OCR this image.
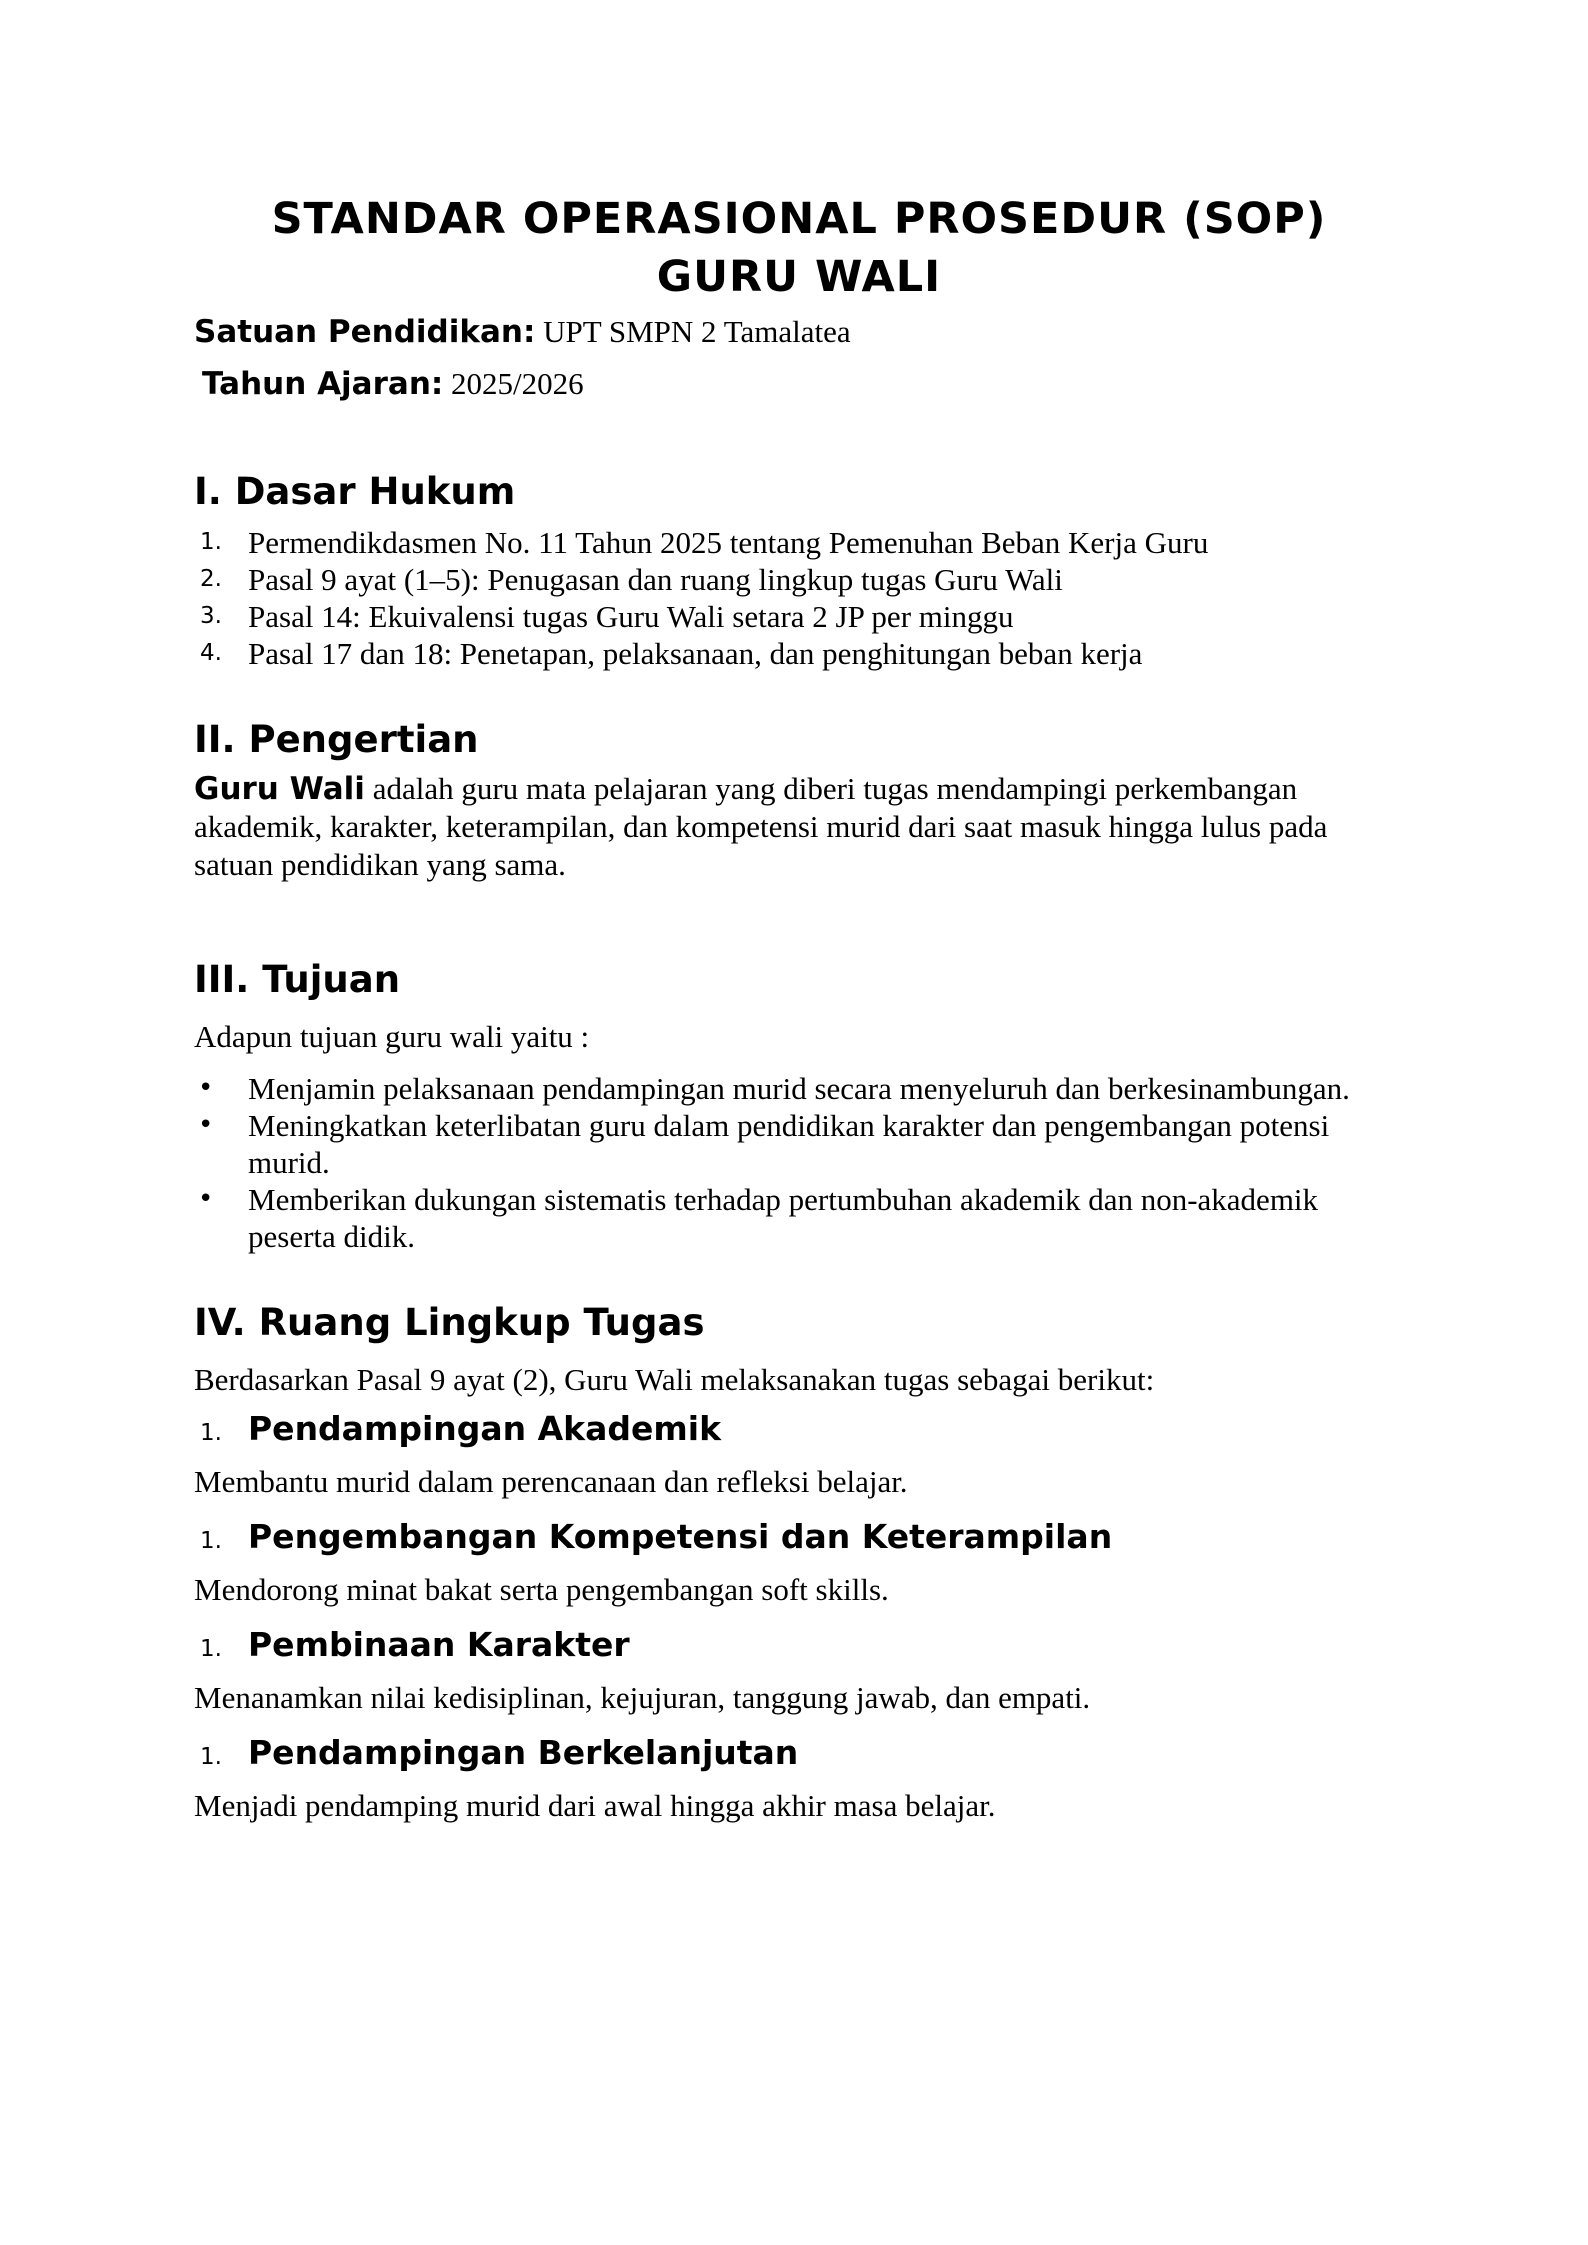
STANDAR OPERASIONAL PROSEDUR (SOP)

GURU WALI

Satuan Pendidikan: UPT SMPN 2 Tamalatea
Tahun Ajaran: 2025/2026
I. Dasar Hukum
1. Permendikdasmen No. 11 Tahun 2025 tentang Pemenuhan Beban Kerja Guru
2. Pasal 9 ayat (1–5): Penugasan dan ruang lingkup tugas Guru Wali
3. Pasal 14: Ekuivalensi tugas Guru Wali setara 2 JP per minggu
4. Pasal 17 dan 18: Penetapan, pelaksanaan, dan penghitungan beban kerja
II. Pengertian

Guru Wali adalah guru mata pelajaran yang diberi tugas mendampingi perkembangan akademik, karakter, keterampilan, dan kompetensi murid dari saat masuk hingga lulus pada satuan pendidikan yang sama.

III. Tujuan

Adapun tujuan guru wali yaitu :

• Menjamin pelaksanaan pendampingan murid secara menyeluruh dan berkesinambungan.
• Meningkatkan keterlibatan guru dalam pendidikan karakter dan pengembangan potensi murid.
• Memberikan dukungan sistematis terhadap pertumbuhan akademik dan non-akademik peserta didik.
IV. Ruang Lingkup Tugas

Berdasarkan Pasal 9 ayat (2), Guru Wali melaksanakan tugas sebagai berikut:

1. Pendampingan Akademik

Membantu murid dalam perencanaan dan refleksi belajar.

1. Pengembangan Kompetensi dan Keterampilan

Mendorong minat bakat serta pengembangan soft skills.

1. Pembinaan Karakter

Menanamkan nilai kedisiplinan, kejujuran, tanggung jawab, dan empati.

1. Pendampingan Berkelanjutan

Menjadi pendamping murid dari awal hingga akhir masa belajar.
